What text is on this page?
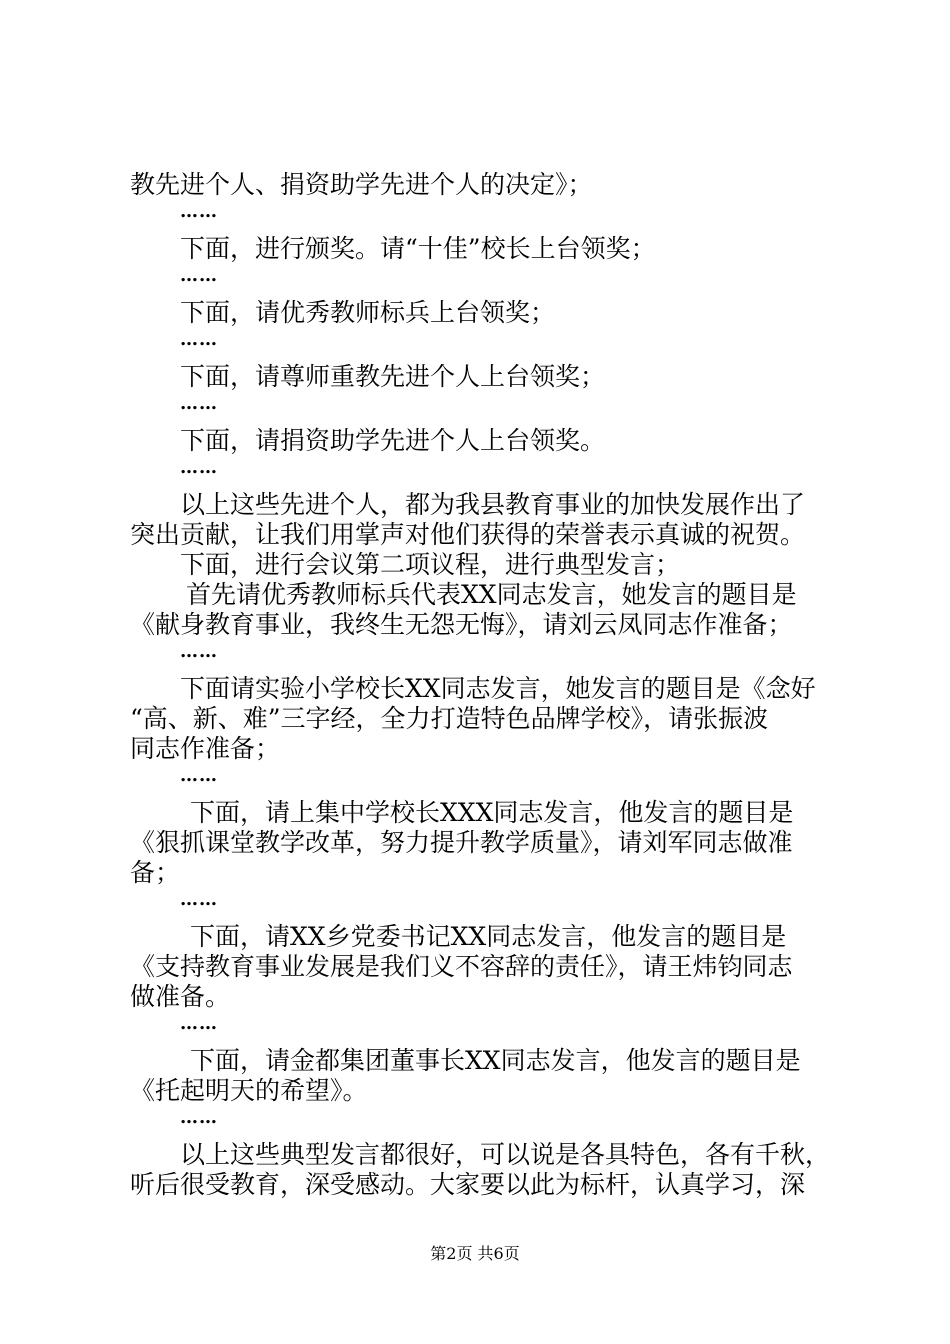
教先进个人、捐资助学先进个人的决定》；
……
下面，进行颁奖。请“十佳”校长上台领奖；
……
下面，请优秀教师标兵上台领奖；
……
下面，请尊师重教先进个人上台领奖；
……
下面，请捐资助学先进个人上台领奖。
……
以上这些先进个人，都为我县教育事业的加快发展作出了
突出贡献，让我们用掌声对他们获得的荣誉表示真诚的祝贺。
下面，进行会议第二项议程，进行典型发言；
首先请优秀教师标兵代表XX同志发言，她发言的题目是
《献身教育事业，我终生无怨无悔》，请刘云凤同志作准备；
……
下面请实验小学校长XX同志发言，她发言的题目是《念好
“高、新、难”三字经，全力打造特色品牌学校》，请张振波
同志作准备；
……
下面，请上集中学校长XXX同志发言，他发言的题目是
《狠抓课堂教学改革，努力提升教学质量》，请刘军同志做准
备；
……
下面，请XX乡党委书记XX同志发言，他发言的题目是
《支持教育事业发展是我们义不容辞的责任》，请王炜钧同志
做准备。
……
下面，请金都集团董事长XX同志发言，他发言的题目是
《托起明天的希望》。
……
以上这些典型发言都很好，可以说是各具特色，各有千秋，
听后很受教育，深受感动。大家要以此为标杆，认真学习，深
第2页 共6页
